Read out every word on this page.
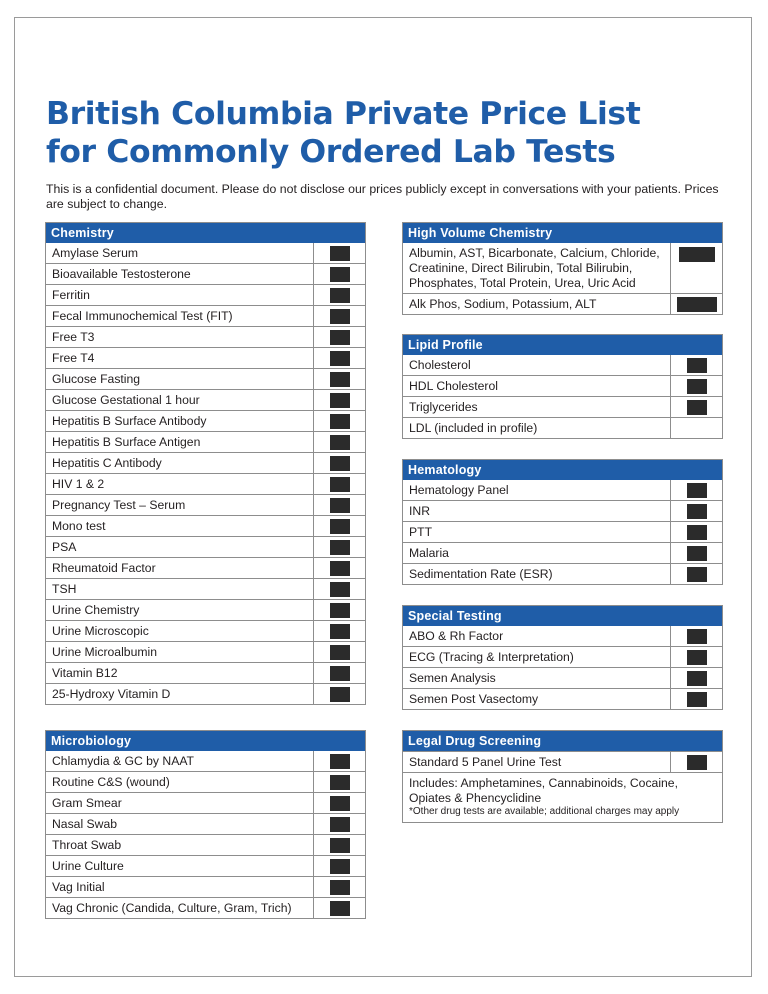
British Columbia Private Price List
for Commonly Ordered Lab Tests

This is a confidential document. Please do not disclose our prices publicly except in conversations with your patients. Prices are subject to change.

Chemistry
Amylase Serum
Bioavailable Testosterone
Ferritin
Fecal Immunochemical Test (FIT)
Free T3
Free T4
Glucose Fasting
Glucose Gestational 1 hour
Hepatitis B Surface Antibody
Hepatitis B Surface Antigen
Hepatitis C Antibody
HIV 1 & 2
Pregnancy Test – Serum
Mono test
PSA
Rheumatoid Factor
TSH
Urine Chemistry
Urine Microscopic
Urine Microalbumin
Vitamin B12
25-Hydroxy Vitamin D
Microbiology
Chlamydia & GC by NAAT
Routine C&S (wound)
Gram Smear
Nasal Swab
Throat Swab
Urine Culture
Vag Initial
Vag Chronic (Candida, Culture, Gram, Trich)
High Volume Chemistry
Albumin, AST, Bicarbonate, Calcium, Chloride, Creatinine, Direct Bilirubin, Total Bilirubin, Phosphates, Total Protein, Urea, Uric Acid
Alk Phos, Sodium, Potassium, ALT
Lipid Profile
Cholesterol
HDL Cholesterol
Triglycerides
LDL (included in profile)
Hematology
Hematology Panel
INR
PTT
Malaria
Sedimentation Rate (ESR)
Special Testing
ABO & Rh Factor
ECG (Tracing & Interpretation)
Semen Analysis
Semen Post Vasectomy
Legal Drug Screening
Standard 5 Panel Urine Test
Includes: Amphetamines, Cannabinoids, Cocaine, Opiates & Phencyclidine
*Other drug tests are available; additional charges may apply
